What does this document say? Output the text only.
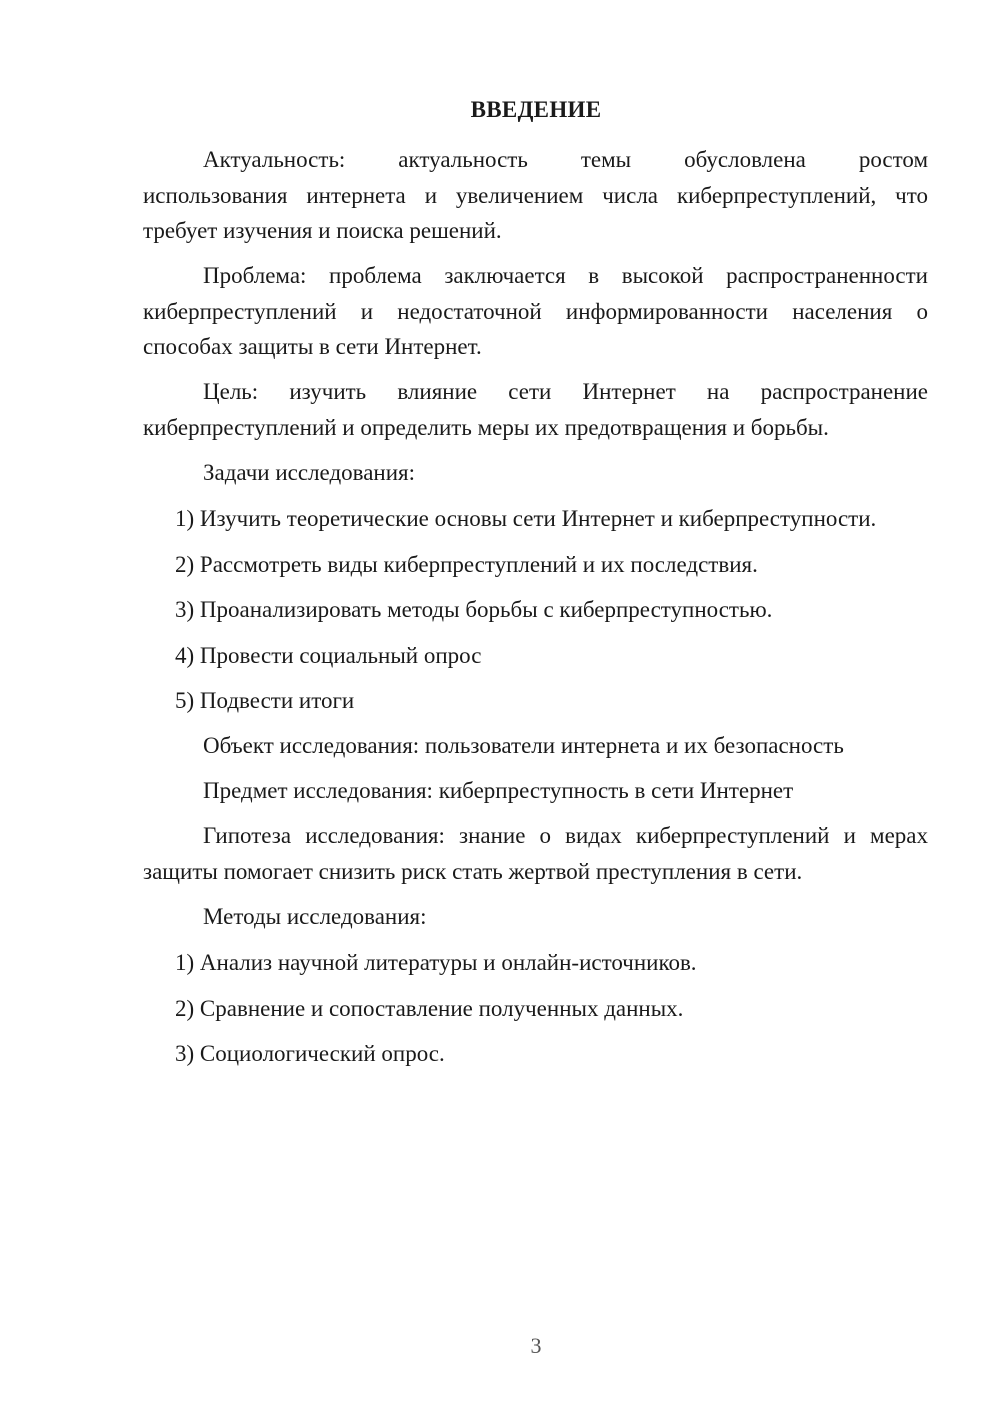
ВВЕДЕНИЕ

Актуальность: актуальность темы обусловлена ростом

использования интернета и увеличением числа киберпреступлений, что требует изучения и поиска решений.

Проблема: проблема заключается в высокой распространенности киберпреступлений и недостаточной информированности населения о способах защиты в сети Интернет.

Цель: изучить влияние сети Интернет на распространение киберпреступлений и определить меры их предотвращения и борьбы.

Задачи исследования:

1) Изучить теоретические основы сети Интернет и киберпреступности.

2) Рассмотреть виды киберпреступлений и их последствия.

3) Проанализировать методы борьбы с киберпреступностью.

4) Провести социальный опрос

5) Подвести итоги

Объект исследования: пользователи интернета и их безопасность

Предмет исследования: киберпреступность в сети Интернет

Гипотеза исследования: знание о видах киберпреступлений и мерах защиты помогает снизить риск стать жертвой преступления в сети.

Методы исследования:

1) Анализ научной литературы и онлайн-источников.

2) Сравнение и сопоставление полученных данных.

3) Социологический опрос.

3
